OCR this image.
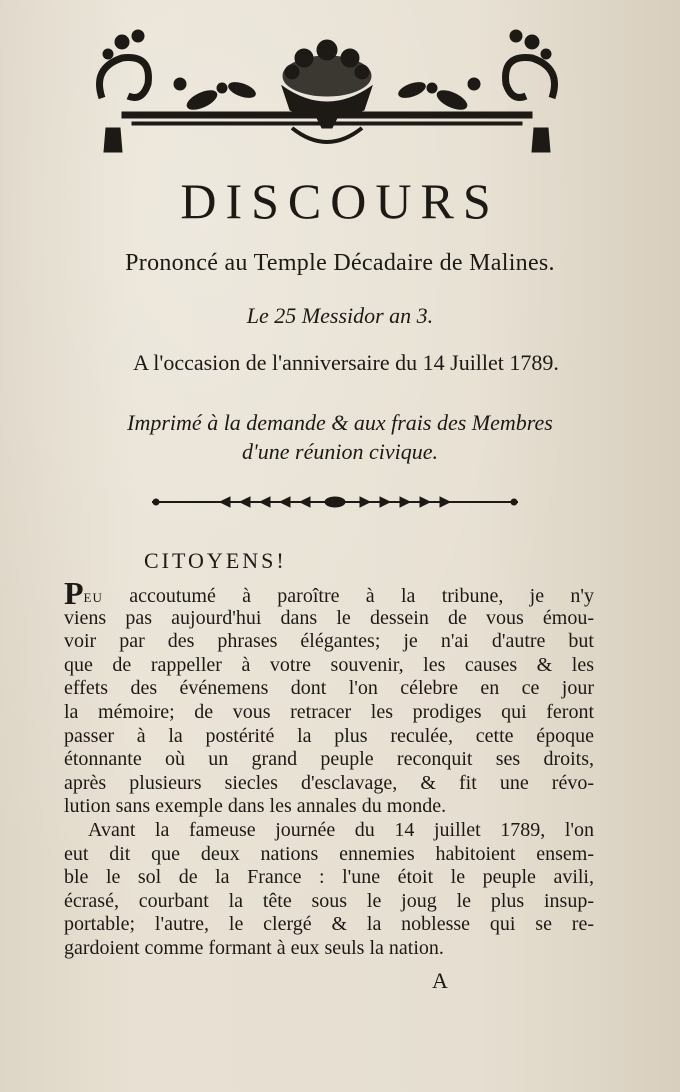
DISCOURS
Prononcé au Temple Décadaire de Malines.
Le 25 Messidor an 3.
A l'occasion de l'anniversaire du 14 Juillet 1789.
Imprimé à la demande & aux frais des Membres
d'une réunion civique.
CITOYENS!
PEU accoutumé à paroître à la tribune, je n'y
viens pas aujourd'hui dans le dessein de vous émou-
voir par des phrases élégantes; je n'ai d'autre but
que de rappeller à votre souvenir, les causes & les
effets des événemens dont l'on célebre en ce jour
la mémoire; de vous retracer les prodiges qui feront
passer à la postérité la plus reculée, cette époque
étonnante où un grand peuple reconquit ses droits,
après plusieurs siecles d'esclavage, & fit une révo-
lution sans exemple dans les annales du monde.
Avant la fameuse journée du 14 juillet 1789, l'on
eut dit que deux nations ennemies habitoient ensem-
ble le sol de la France : l'une étoit le peuple avili,
écrasé, courbant la tête sous le joug le plus insup-
portable; l'autre, le clergé & la noblesse qui se re-
gardoient comme formant à eux seuls la nation.
A
